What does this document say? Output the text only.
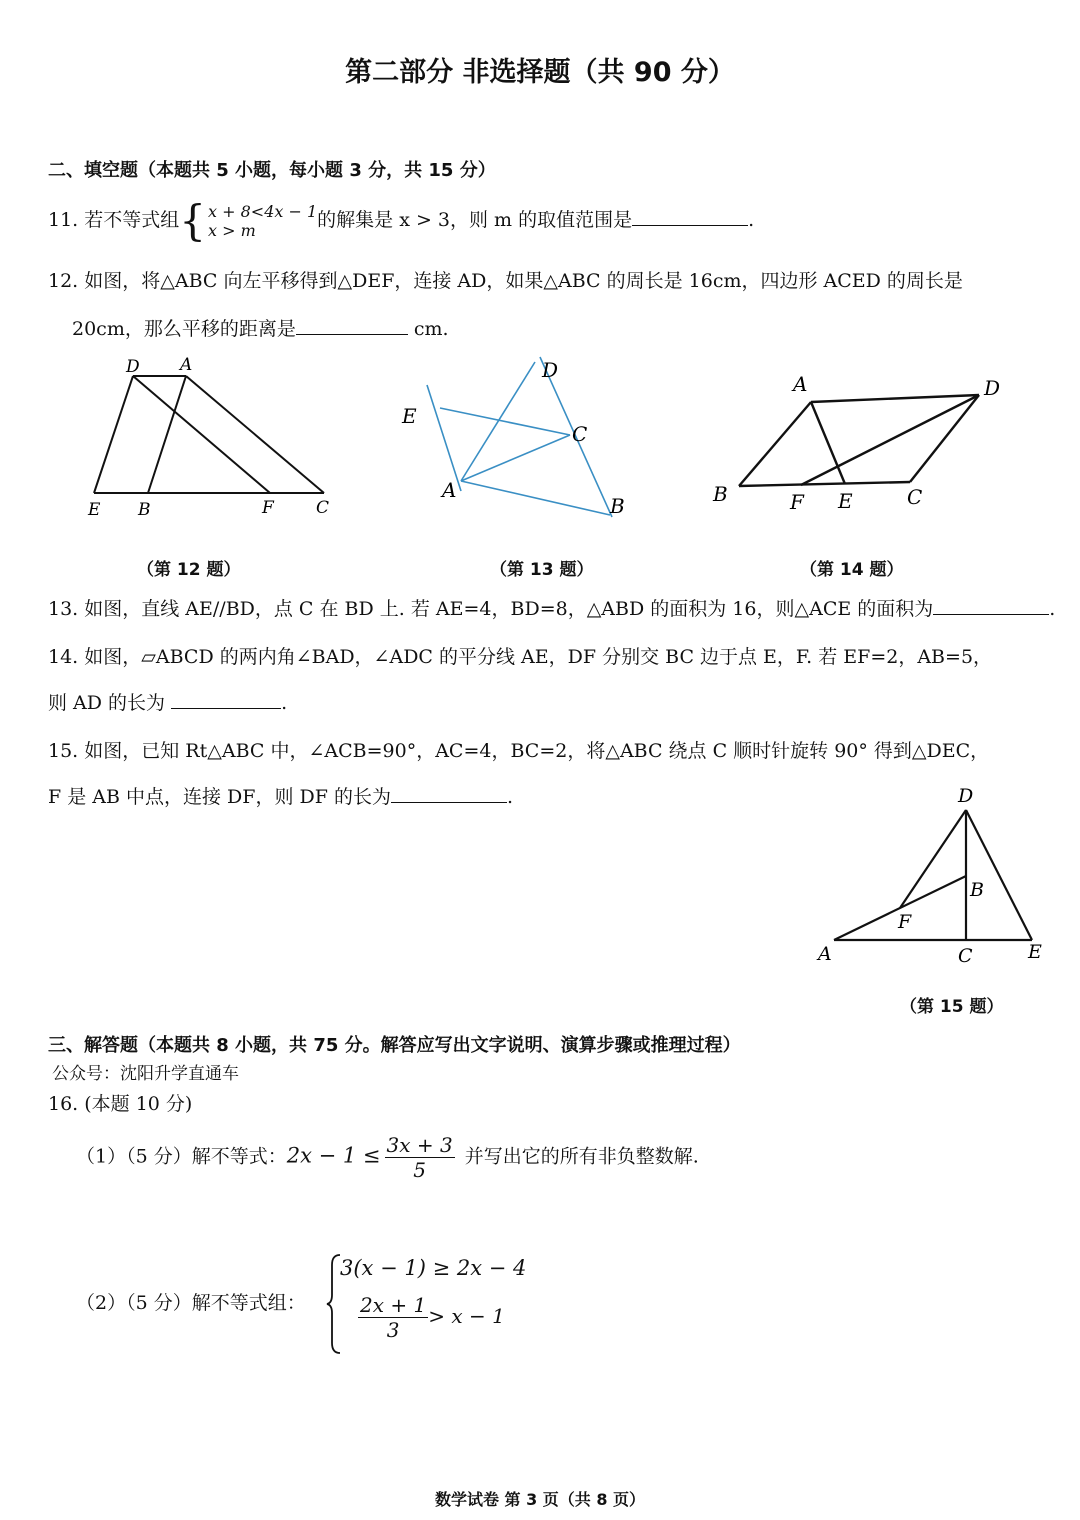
第二部分 非选择题（共 90 分）
二、填空题（本题共 5 小题，每小题 3 分，共 15 分）
11. 若不等式组 { x + 8<4x − 1
x > m	的解集是 x > 3，则 m 的取值范围是	.
12. 如图，将△ABC 向左平移得到△DEF，连接 AD，如果△ABC 的周长是 16cm，四边形 ACED 的周长是
20cm，那么平移的距离是	cm.
D A
E B	F C
（第 12 题）
D
E
C
A
B
（第 13 题）
A	D
B	F E	C
（第 14 题）
13. 如图，直线 AE//BD，点 C 在 BD 上. 若 AE=4，BD=8，△ABD 的面积为 16，则△ACE 的面积为	.
14. 如图，▱ABCD 的两内角∠BAD，∠ADC 的平分线 AE，DF 分别交 BC 边于点 E，F. 若 EF=2，AB=5，
则 AD 的长为	.
15. 如图，已知 Rt△ABC 中，∠ACB=90°，AC=4，BC=2，将△ABC 绕点 C 顺时针旋转 90° 得到△DEC，
F 是 AB 中点，连接 DF，则 DF 的长为	.	D
B
F
A	C	E
（第 15 题）
三、解答题（本题共 8 小题，共 75 分。解答应写出文字说明、演算步骤或推理过程）
公众号：沈阳升学直通车
16. (本题 10 分)
（1）（5 分）解不等式：$2x - 1 \le \frac{3x + 3}{5}$ 并写出它的所有非负整数解.
（2）（5 分）解不等式组：
3(x − 1) ≥ 2x − 4
$\frac{2x + 1}{3} > x - 1$
数学试卷 第 3 页（共 8 页）
